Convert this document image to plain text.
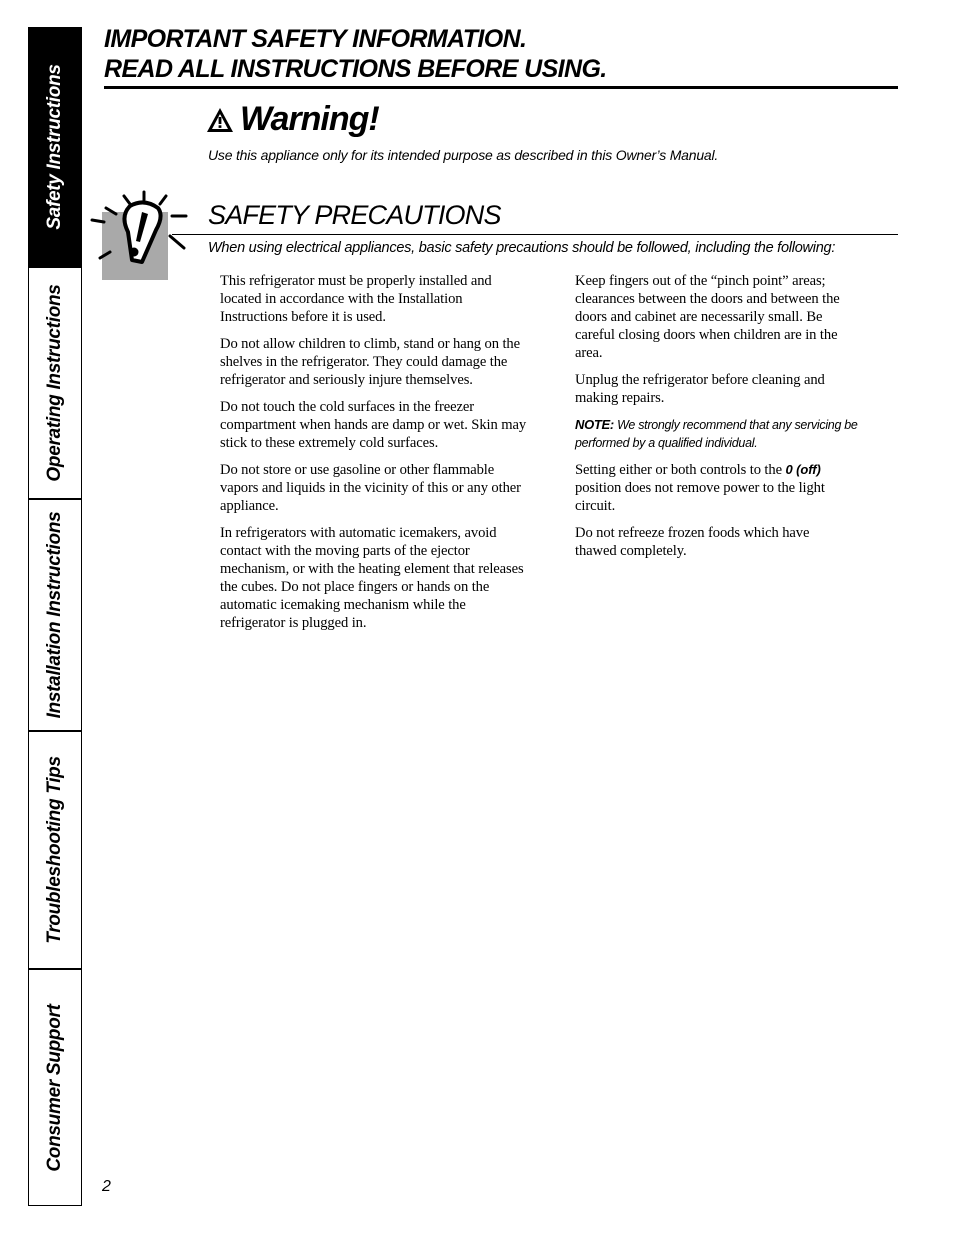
Safety Instructions
Operating Instructions
Installation Instructions
Troubleshooting Tips
Consumer Support

IMPORTANT SAFETY INFORMATION.

READ ALL INSTRUCTIONS BEFORE USING.

Warning!
Use this appliance only for its intended purpose as described in this Owner’s Manual.
SAFETY PRECAUTIONS
When using electrical appliances, basic safety precautions should be followed, including the following:

This refrigerator must be properly installed and located in accordance with the Installation Instructions before it is used.

Do not allow children to climb, stand or hang on the shelves in the refrigerator. They could damage the refrigerator and seriously injure themselves.

Do not touch the cold surfaces in the freezer compartment when hands are damp or wet. Skin may stick to these extremely cold surfaces.

Do not store or use gasoline or other flammable vapors and liquids in the vicinity of this or any other appliance.

In refrigerators with automatic icemakers, avoid contact with the moving parts of the ejector mechanism, or with the heating element that releases the cubes. Do not place fingers or hands on the automatic icemaking mechanism while the refrigerator is plugged in.

Keep fingers out of the “pinch point” areas; clearances between the doors and between the doors and cabinet are necessarily small. Be careful closing doors when children are in the area.

Unplug the refrigerator before cleaning and making repairs.

NOTE: We strongly recommend that any servicing be performed by a qualified individual.

Setting either or both controls to the 0 (off) position does not remove power to the light circuit.

Do not refreeze frozen foods which have thawed completely.

2
